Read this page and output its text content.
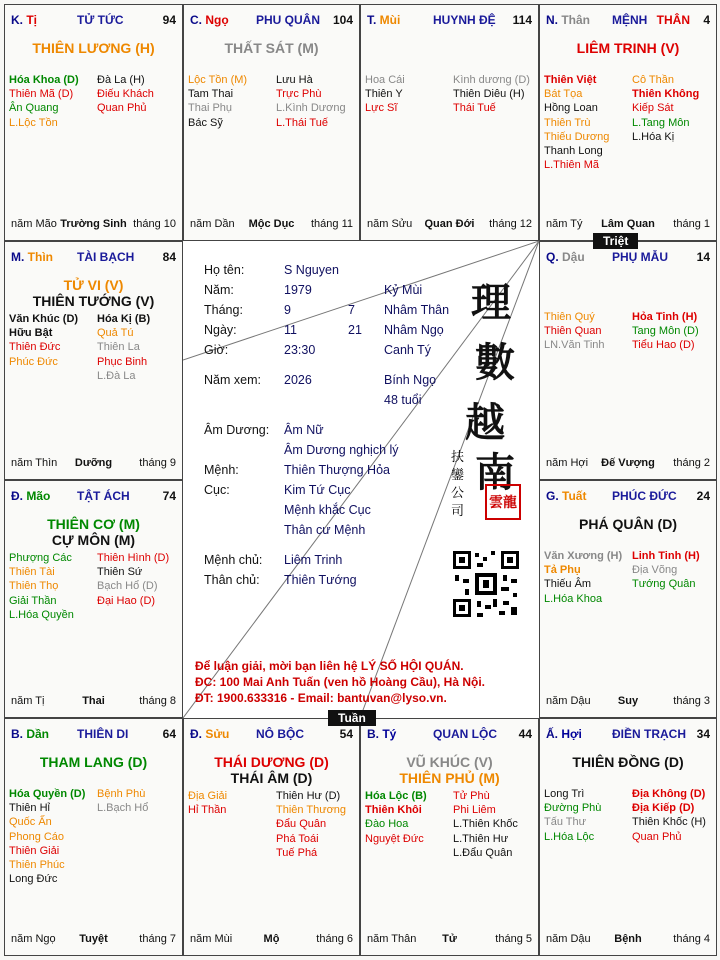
K. Tị	TỬ TỨC	94
THIÊN LƯƠNG (H)
Hóa Khoa (D)
Thiên Mã (D)
Ân Quang
L.Lộc Tồn
Đà La (H)
Điếu Khách
Quan Phủ
năm Mão Trường Sinh tháng 10
C. Ngọ PHU QUÂN 104
THẤT SÁT (M)
Lộc Tồn (M)
Tam Thai
Thai Phụ
Bác Sỹ
Lưu Hà
Trực Phù
L.Kình Dương
L.Thái Tuế
năm Dần	Mộc Dục	tháng 11
T. Mùi	HUYNH ĐỆ 114
Hoa Cái
Thiên Y
Lực Sĩ
Kình dương (D)
Thiên Diêu (H)
Thái Tuế
năm Sửu	Quan Đới	tháng 12
N. Thân MỆNH THÂN 4
LIÊM TRINH (V)
Thiên Việt
Bát Tọa
Hồng Loan
Thiên Trù
Thiếu Dương
Thanh Long
L.Thiên Mã
Cô Thần
Thiên Không
Kiếp Sát
L.Tang Môn
L.Hóa Kị
năm Tý	Lâm Quan	tháng 1
M. Thìn TÀI BẠCH 84
TỬ VI (V)
THIÊN TƯỚNG (V)
Văn Khúc (D)
Hữu Bật
Thiên Đức
Phúc Đức
Hóa Kị (B)
Quả Tú
Thiên La
Phục Binh
L.Đà La
năm Thìn	Dưỡng	tháng 9
Q. Dậu PHỤ MẪU 14
Thiên Quý
Thiên Quan
LN.Văn Tinh
Hỏa Tinh (H)
Tang Môn (D)
Tiểu Hao (D)
năm Hợi	Đế Vượng	tháng 2
Đ. Mão TẬT ÁCH	74
THIÊN CƠ (M)
CỰ MÔN (M)
Phượng Các
Thiên Tài
Thiên Thọ
Giải Thần
L.Hóa Quyền
Thiên Hình (D)
Thiên Sứ
Bạch Hổ (D)
Đại Hao (D)
năm Tị	Thai	tháng 8
G. Tuất PHÚC ĐỨC 24
PHÁ QUÂN (D)
Văn Xương (H)
Tả Phụ
Thiếu Âm
L.Hóa Khoa
Linh Tinh (H)
Địa Võng
Tướng Quân
năm Dậu	Suy	tháng 3
B. Dần THIÊN DI	64
THAM LANG (D)
Hóa Quyền (D)
Thiên Hỉ
Quốc Ấn
Phong Cáo
Thiên Giải
Thiên Phúc
Long Đức
Bệnh Phù
L.Bạch Hổ
năm Ngọ	Tuyệt	tháng 7
Đ. Sửu NÔ BỘC	54
THÁI DƯƠNG (D)
THÁI ÂM (D)
Địa Giải
Hỉ Thần
Thiên Hư (D)
Thiên Thương
Đẩu Quân
Phá Toái
Tuế Phá
năm Mùi	Mộ	tháng 6
B. Tý	QUAN LỘC 44
VŨ KHÚC (V)
THIÊN PHỦ (M)
Hóa Lộc (B)
Thiên Khôi
Đào Hoa
Nguyệt Đức
Tử Phù
Phi Liêm
L.Thiên Khốc
L.Thiên Hư
L.Đẩu Quân
năm Thân	Tử	tháng 5
Ấ. Hợi	ĐIỀN TRẠCH 34
THIÊN ĐỒNG (D)
Long Trì
Đường Phù
Tấu Thư
L.Hóa Lộc
Địa Không (D)
Địa Kiếp (D)
Thiên Khốc (H)
Quan Phủ
năm Dậu	Bệnh	tháng 4
Họ tên:	S Nguyen
Năm:	1979	Kỷ Mùi
Tháng:	9	7 Nhâm Thân
Ngày:	11	21 Nhâm Ngọ
Giờ:	23:30	Canh Tý
Năm xem: 2026	Bính Ngọ
48 tuổi
Âm Dương: Âm Nữ
Âm Dương nghịch lý
Mệnh:	Thiên Thượng Hỏa
Cục:	Kim Tứ Cục
Mệnh khắc Cục
Thân cư Mệnh
Mệnh chủ: Liêm Trinh
Thân chủ: Thiên Tướng
理
數
越
南
扶
鑾
公
司
雲龍
Để luận giải, mời bạn liên hệ LÝ SỐ HỘI QUÁN.
ĐC: 100 Mai Anh Tuấn (ven hồ Hoàng Cầu), Hà Nội.
ĐT: 1900.633316 - Email: bantuvan@lyso.vn.
Triệt
Tuần
